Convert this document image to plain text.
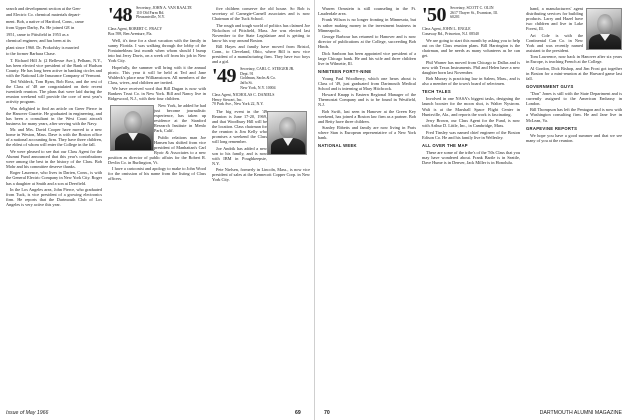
search and development section at the Gen-

and Electric Co. chemical materials depart-

ment. Bob, a native of Hartford, Conn., came

from Upper Darby, Pa. He joined GE in

1951, came to Pittsfield in 1953 as a

chemical engineer, and has been at its

plant since 1960. Dr. Prokofsky is married

to the former Barbara Chase.

T. Richard Hill Jr. (2 Bellevue Ave.), Pelham, N.Y., has been elected vice president of the Bank of Hudson County. He has long been active in banking circles and with the National Life Insurance Company of Vermont.

Ted Waldeck, Tom Ryan, Bob Ross, and the rest of the Class of '48 are congratulated on their recent twentieth reunion. The plans that were laid during the reunion weekend will provide the core of next year's activity program.

Was delighted to find an article on Greer Pierce in the Hanover Gazette. He graduated in engineering, and has been a consultant in the West Coast aircraft business for many years, after serving with the Navy.

Mr. and Mrs. David Cooper have moved to a new home in Weston, Mass. Dave is with the Boston office of a national accounting firm. They have three children, the eldest of whom will enter the College in the fall.

We were pleased to see that our Class Agent for the Alumni Fund announced that this year's contributions were among the best in the history of the Class. Bob Mohr and his committee deserve thanks.

Roger Laurence, who lives in Darien, Conn., is with the General Electric Company in New York City. Roger has a daughter at Smith and a son at Deerfield.

In the Los Angeles area, John Pierce, who graduated from Tuck, is vice president of a growing electronics firm. He reports that the Dartmouth Club of Los Angeles is very active this year.

'48 Secretary, JOHN A. VAN RAALTE
110 Old Farm Rd.
Pleasantville, N.Y.
Class Agent, ROBERT C. FRACY
Box 598, Ben Aventure, Fla.

Well, it's time for a short vacation with the family in sunny Florida. I was walking through the lobby of the Fontainebleau last month when whom should I bump into but Jerry Davis, on a week off from his job in New York City.

Hopefully, the summer will bring with it the annual picnic. This year it will be held at Ted and Jane Waldeck's place near Williamstown. All members of the Class, wives, and children are invited.

We have received word that Bill Dugan is now with Bankers Trust Co. in New York. Bill and Nancy live in Ridgewood, N.J., with their four children.

New York, he added he had just become journalistic experience, has taken up residence at the Stanford Research Institute in Menlo Park, Calif.

Public relations man Joe Hansen has shifted from vice president of Manhattan's Carl Byoir & Associates to a new position as director of public affairs for the Robert R. Devlin Co. in Burlington, Vt.

I have a cartoonist and apology to make to John Wood for the omission of his name from the listing of Class officers.

five children conserve the old house. So Bob is secretary of Carnegie-Carnell associates and is now Chairman of the Tuck School.

The rough and tough world of politics has claimed Joe Nickolson of Pittsfield, Mass. Joe was elected last November to the State Legislature and is getting to know his way around Boston.

Bill Hayes and family have moved from Bristol, Conn., to Cleveland, Ohio, where Bill is now vice president of a manufacturing firm. They have two boys and a girl.

'49 Secretary, CARL C. STEIGER JR.
Dept. 91
Goldman, Sachs & Co.
Jaffa St.
New York, N.Y. 10004
Class Agent, NICHOLAS C. DANIELS
Henry Stewart, Inc.
70 Park Ave., New York 22, N.Y.

The big event in the '49 Reunion is June 17-20, 1969, and that Woodbury Hill will be the location. Class chairman for the reunion is Jim Kelly who promises a weekend the Class will long remember.

Joe Andrik has added a new son to his family, and is now with IBM in Poughkeepsie, N.Y.

Pete Nielsen, formerly in Lincoln, Mass., is now vice president of sales at the Kennecott Copper Corp. in New York City.

Warren Ormstein is still counseling in the Ft. Lauderdale area.

Frank Wilson is no longer fronting in Minnesota, but is rather making money in the investment business in Minneapolis.

George Barbour has returned to Hanover and is now director of publications at the College, succeeding Bob Hinds.

Dick Sanborn has been appointed vice president of a large Chicago bank. He and his wife and three children live in Wilmette, Ill.

NINETEEN FORTY-NINE

Young Paul Woodberry, which one hears about is Class of '49, just graduated from Dartmouth Medical School and is interning at Mary Hitchcock.

Howard Knapp is Eastern Regional Manager of the Thermostat Company and is to be found in Westfield, N.J.

Bob Swift, last seen in Hanover at the Green Key weekend, has joined a Boston law firm as a partner. Bob and Betty have three children.

Stanley Ebbetts and family are now living in Paris where Stan is European representative of a New York bank.

NATIONAL WEEK
'50 Secretary, SCOTT C. OLIN
2617 Thayer St., Evanston, Ill.
60201
Class Agent, JOHN L. ENGLE
Conaway Rd., Princeton, N.J. 08540

We are going to start this month by asking you to help out on the Class reunion plans. Bill Harrington is the chairman, and he needs as many volunteers as he can get.

Phil Warner has moved from Chicago to Dallas and is now with Texas Instruments. Phil and Helen have a new daughter born last November.

Bob Murray is practicing law in Salem, Mass., and is also a member of the town's board of selectmen.

TECH TALES

Involved in one NASA's biggest tasks, designing the launch booster for the moon shot, is Walter Nystrom. Walt is at the Marshall Space Flight Center in Huntsville, Ala., and reports the work is fascinating.

Jerry Brown, our Class Agent for the Fund, is now with Arthur D. Little, Inc., in Cambridge, Mass.

Fred Tinsley was named chief engineer of the Boston Edison Co. He and his family live in Wellesley.

ALL OVER THE MAP

These are some of the tribe's of the '50s Class that you may have wondered about. Frank Bartle is in Seattle, Dave Hume is in Denver, Jack Miller is in Honolulu.

hand, a manufacturers' agent distributing services for building products. Larry and Hazel have two children and live in Lake Forest, Ill.

Art Cole is with the Continental Can Co. in New York and was recently named assistant to the president.

Tom Lawrence, now back in Hanover after six years in Europe, is teaching French at the College.

Al Gordon, Dick Bishop, and Jim Frost got together in Boston for a mini-reunion at the Harvard game last fall.

GOVERNMENT GUYS

"Don" Jones is still with the State Department and is currently assigned to the American Embassy in London.

Bill Thompson has left the Pentagon and is now with a Washington consulting firm. He and Jane live in McLean, Va.

GRAPEVINE REPORTS

We hope you have a good summer and that we see many of you at the reunion.

Issue of May 1966	69	70	DARTMOUTH ALUMNI MAGAZINE
